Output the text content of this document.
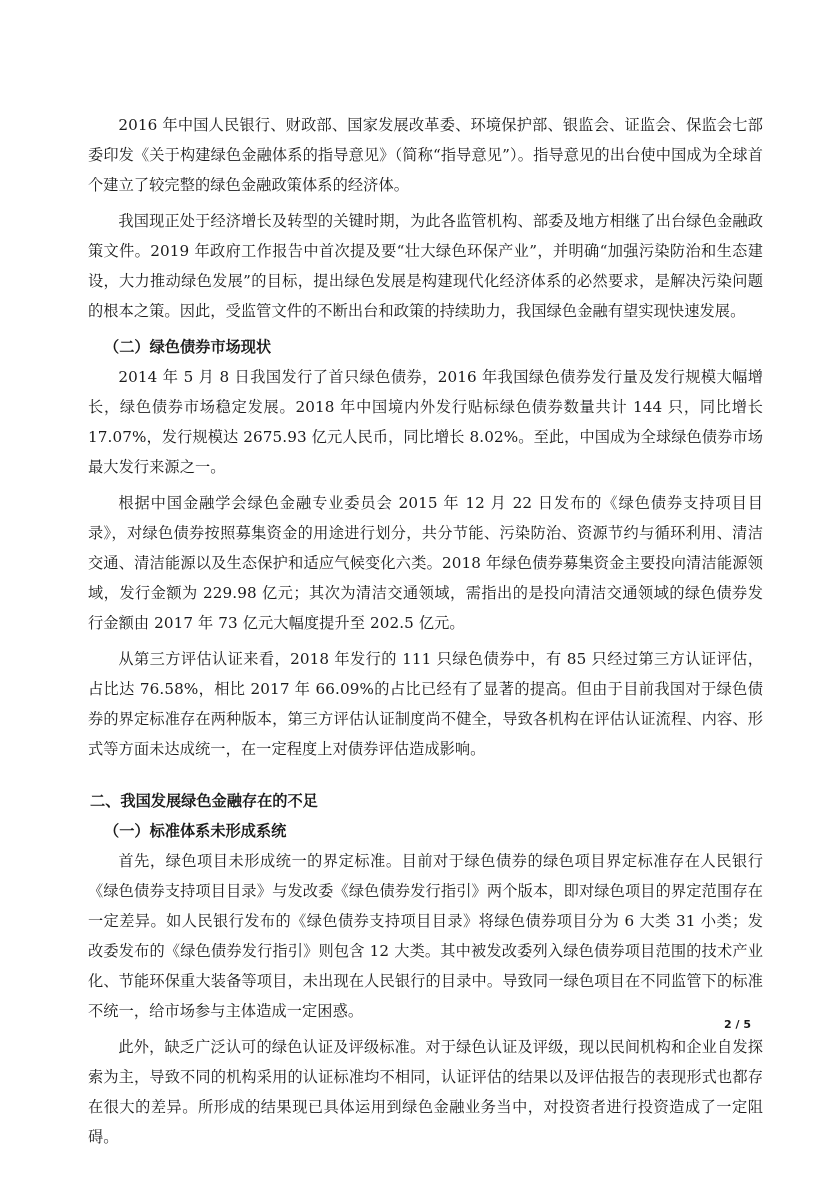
2016 年中国人民银行、财政部、国家发展改革委、环境保护部、银监会、证监会、保监会七部委印发《关于构建绿色金融体系的指导意见》（简称“指导意见”）。指导意见的出台使中国成为全球首个建立了较完整的绿色金融政策体系的经济体。

我国现正处于经济增长及转型的关键时期，为此各监管机构、部委及地方相继了出台绿色金融政策文件。2019 年政府工作报告中首次提及要“壮大绿色环保产业”，并明确“加强污染防治和生态建设，大力推动绿色发展”的目标，提出绿色发展是构建现代化经济体系的必然要求，是解决污染问题的根本之策。因此，受监管文件的不断出台和政策的持续助力，我国绿色金融有望实现快速发展。

（二）绿色债券市场现状

2014 年 5 月 8 日我国发行了首只绿色债券，2016 年我国绿色债券发行量及发行规模大幅增长，绿色债券市场稳定发展。2018 年中国境内外发行贴标绿色债券数量共计 144 只，同比增长 17.07%，发行规模达 2675.93 亿元人民币，同比增长 8.02%。至此，中国成为全球绿色债券市场最大发行来源之一。

根据中国金融学会绿色金融专业委员会 2015 年 12 月 22 日发布的《绿色债券支持项目目录》，对绿色债券按照募集资金的用途进行划分，共分节能、污染防治、资源节约与循环利用、清洁交通、清洁能源以及生态保护和适应气候变化六类。2018 年绿色债券募集资金主要投向清洁能源领域，发行金额为 229.98 亿元；其次为清洁交通领域，需指出的是投向清洁交通领域的绿色债券发行金额由 2017 年 73 亿元大幅度提升至 202.5 亿元。

从第三方评估认证来看，2018 年发行的 111 只绿色债券中，有 85 只经过第三方认证评估，占比达 76.58%，相比 2017 年 66.09%的占比已经有了显著的提高。但由于目前我国对于绿色债券的界定标准存在两种版本，第三方评估认证制度尚不健全，导致各机构在评估认证流程、内容、形式等方面未达成统一，在一定程度上对债券评估造成影响。

二、我国发展绿色金融存在的不足
（一）标准体系未形成系统

首先，绿色项目未形成统一的界定标准。目前对于绿色债券的绿色项目界定标准存在人民银行《绿色债券支持项目目录》与发改委《绿色债券发行指引》两个版本，即对绿色项目的界定范围存在一定差异。如人民银行发布的《绿色债券支持项目目录》将绿色债券项目分为 6 大类 31 小类；发改委发布的《绿色债券发行指引》则包含 12 大类。其中被发改委列入绿色债券项目范围的技术产业化、节能环保重大装备等项目，未出现在人民银行的目录中。导致同一绿色项目在不同监管下的标准不统一，给市场参与主体造成一定困惑。

此外，缺乏广泛认可的绿色认证及评级标准。对于绿色认证及评级，现以民间机构和企业自发探索为主，导致不同的机构采用的认证标准均不相同，认证评估的结果以及评估报告的表现形式也都存在很大的差异。所形成的结果现已具体运用到绿色金融业务当中，对投资者进行投资造成了一定阻碍。

2 / 5
